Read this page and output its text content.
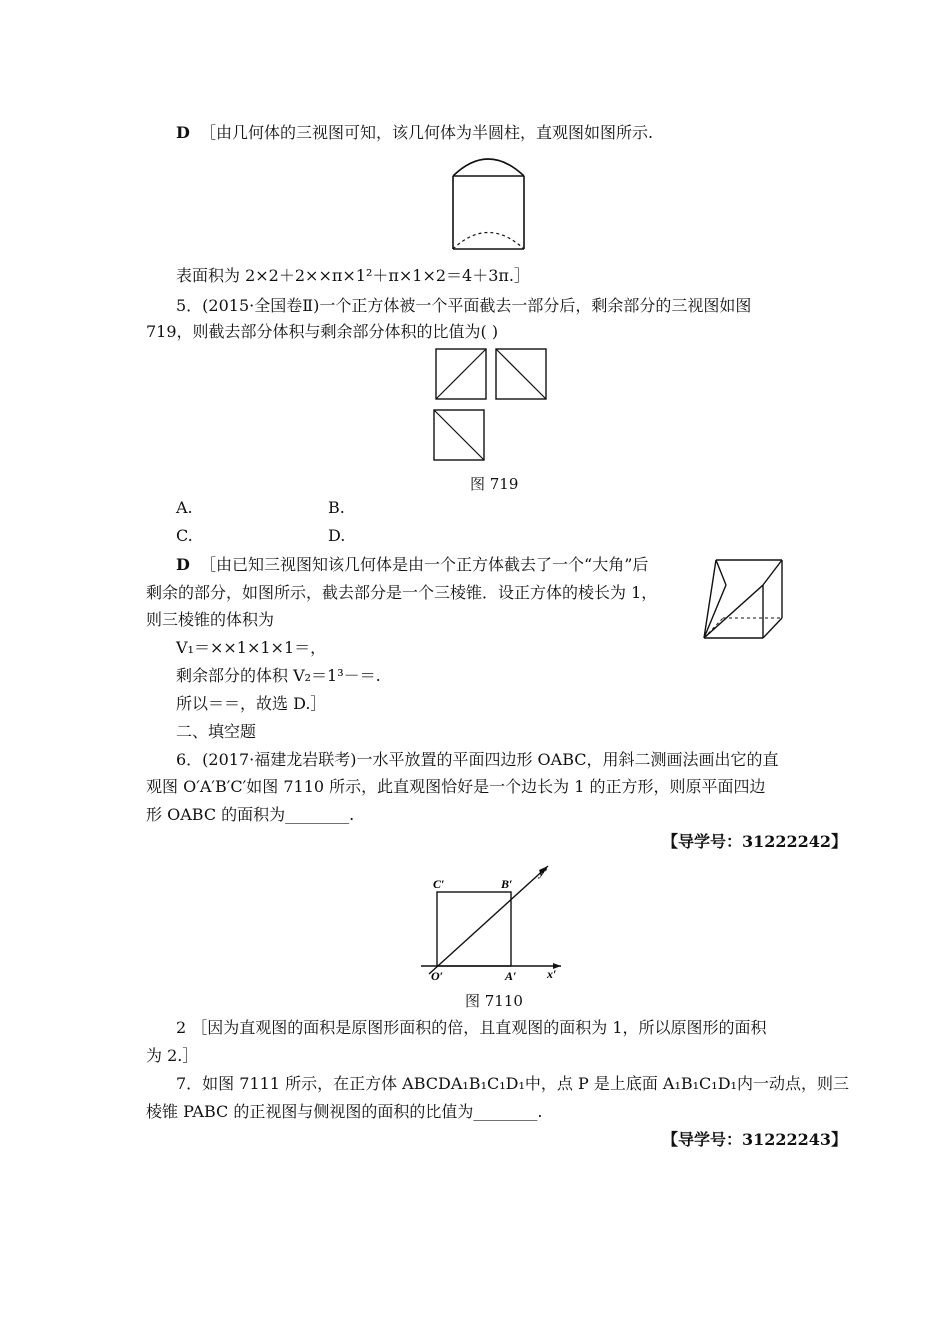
D ［由几何体的三视图可知，该几何体为半圆柱，直观图如图所示.
表面积为 2×2＋2××π×1²＋π×1×2＝4＋3π.］
5．(2015·全国卷Ⅱ)一个正方体被一个平面截去一部分后，剩余部分的三视图如图
719，则截去部分体积与剩余部分体积的比值为( )
图 719
A.	B.
C.	D.
D ［由已知三视图知该几何体是由一个正方体截去了一个“大角”后
剩余的部分，如图所示，截去部分是一个三棱锥．设正方体的棱长为 1，
则三棱锥的体积为
V₁＝××1×1×1＝，
剩余部分的体积 V₂＝1³－＝.
所以＝＝，故选 D.］
二、填空题
6．(2017·福建龙岩联考)一水平放置的平面四边形 OABC，用斜二测画法画出它的直
观图 O′A′B′C′如图 7110 所示，此直观图恰好是一个边长为 1 的正方形，则原平面四边
形 OABC 的面积为________.
【导学号：31222242】
C′	B′
O′	A′	x′
y′
图 7110
2 ［因为直观图的面积是原图形面积的倍，且直观图的面积为 1，所以原图形的面积
为 2.］
7．如图 7111 所示，在正方体 ABCDA₁B₁C₁D₁中，点 P 是上底面 A₁B₁C₁D₁内一动点，则三
棱锥 PABC 的正视图与侧视图的面积的比值为________.
【导学号：31222243】
